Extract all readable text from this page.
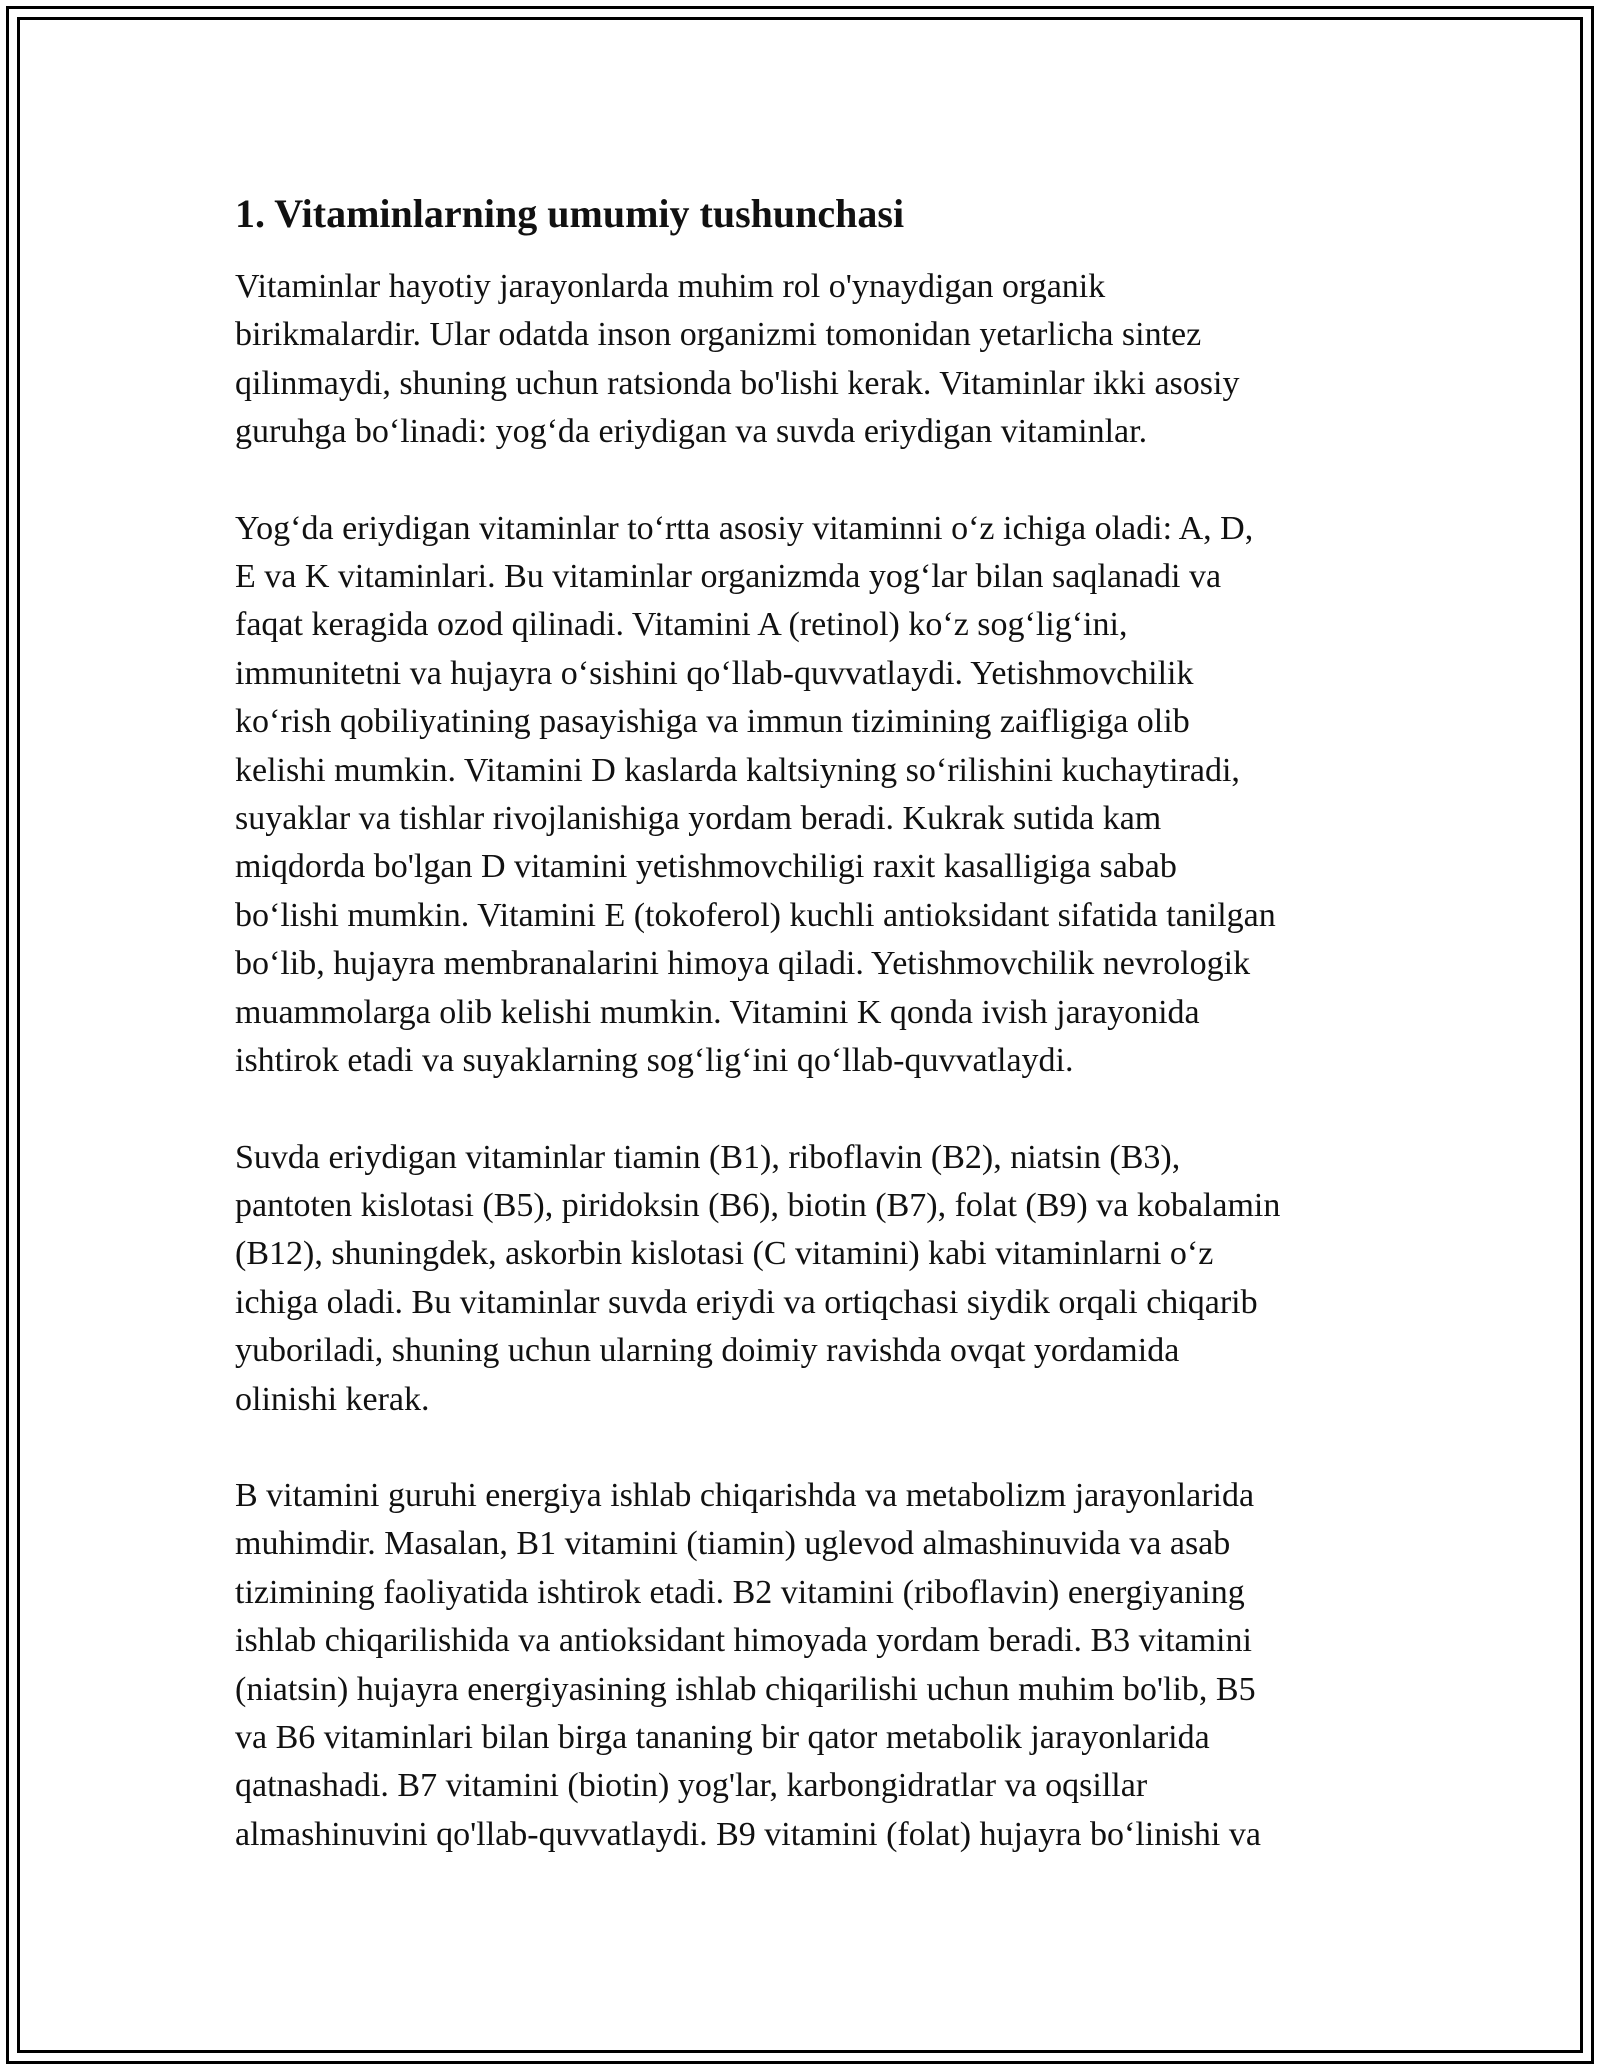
1. Vitaminlarning umumiy tushunchasi

Vitaminlar hayotiy jarayonlarda muhim rol o'ynaydigan organik
birikmalardir. Ular odatda inson organizmi tomonidan yetarlicha sintez
qilinmaydi, shuning uchun ratsionda bo'lishi kerak. Vitaminlar ikki asosiy
guruhga bo‘linadi: yog‘da eriydigan va suvda eriydigan vitaminlar.

Yog‘da eriydigan vitaminlar to‘rtta asosiy vitaminni o‘z ichiga oladi: A, D,
E va K vitaminlari. Bu vitaminlar organizmda yog‘lar bilan saqlanadi va
faqat keragida ozod qilinadi. Vitamini A (retinol) ko‘z sog‘lig‘ini,
immunitetni va hujayra o‘sishini qo‘llab-quvvatlaydi. Yetishmovchilik
ko‘rish qobiliyatining pasayishiga va immun tizimining zaifligiga olib
kelishi mumkin. Vitamini D kaslarda kaltsiyning so‘rilishini kuchaytiradi,
suyaklar va tishlar rivojlanishiga yordam beradi. Kukrak sutida kam
miqdorda bo'lgan D vitamini yetishmovchiligi raxit kasalligiga sabab
bo‘lishi mumkin. Vitamini E (tokoferol) kuchli antioksidant sifatida tanilgan
bo‘lib, hujayra membranalarini himoya qiladi. Yetishmovchilik nevrologik
muammolarga olib kelishi mumkin. Vitamini K qonda ivish jarayonida
ishtirok etadi va suyaklarning sog‘lig‘ini qo‘llab-quvvatlaydi.

Suvda eriydigan vitaminlar tiamin (B1), riboflavin (B2), niatsin (B3),
pantoten kislotasi (B5), piridoksin (B6), biotin (B7), folat (B9) va kobalamin
(B12), shuningdek, askorbin kislotasi (C vitamini) kabi vitaminlarni o‘z
ichiga oladi. Bu vitaminlar suvda eriydi va ortiqchasi siydik orqali chiqarib
yuboriladi, shuning uchun ularning doimiy ravishda ovqat yordamida
olinishi kerak.

B vitamini guruhi energiya ishlab chiqarishda va metabolizm jarayonlarida
muhimdir. Masalan, B1 vitamini (tiamin) uglevod almashinuvida va asab
tizimining faoliyatida ishtirok etadi. B2 vitamini (riboflavin) energiyaning
ishlab chiqarilishida va antioksidant himoyada yordam beradi. B3 vitamini
(niatsin) hujayra energiyasining ishlab chiqarilishi uchun muhim bo'lib, B5
va B6 vitaminlari bilan birga tananing bir qator metabolik jarayonlarida
qatnashadi. B7 vitamini (biotin) yog'lar, karbongidratlar va oqsillar
almashinuvini qo'llab-quvvatlaydi. B9 vitamini (folat) hujayra bo‘linishi va
